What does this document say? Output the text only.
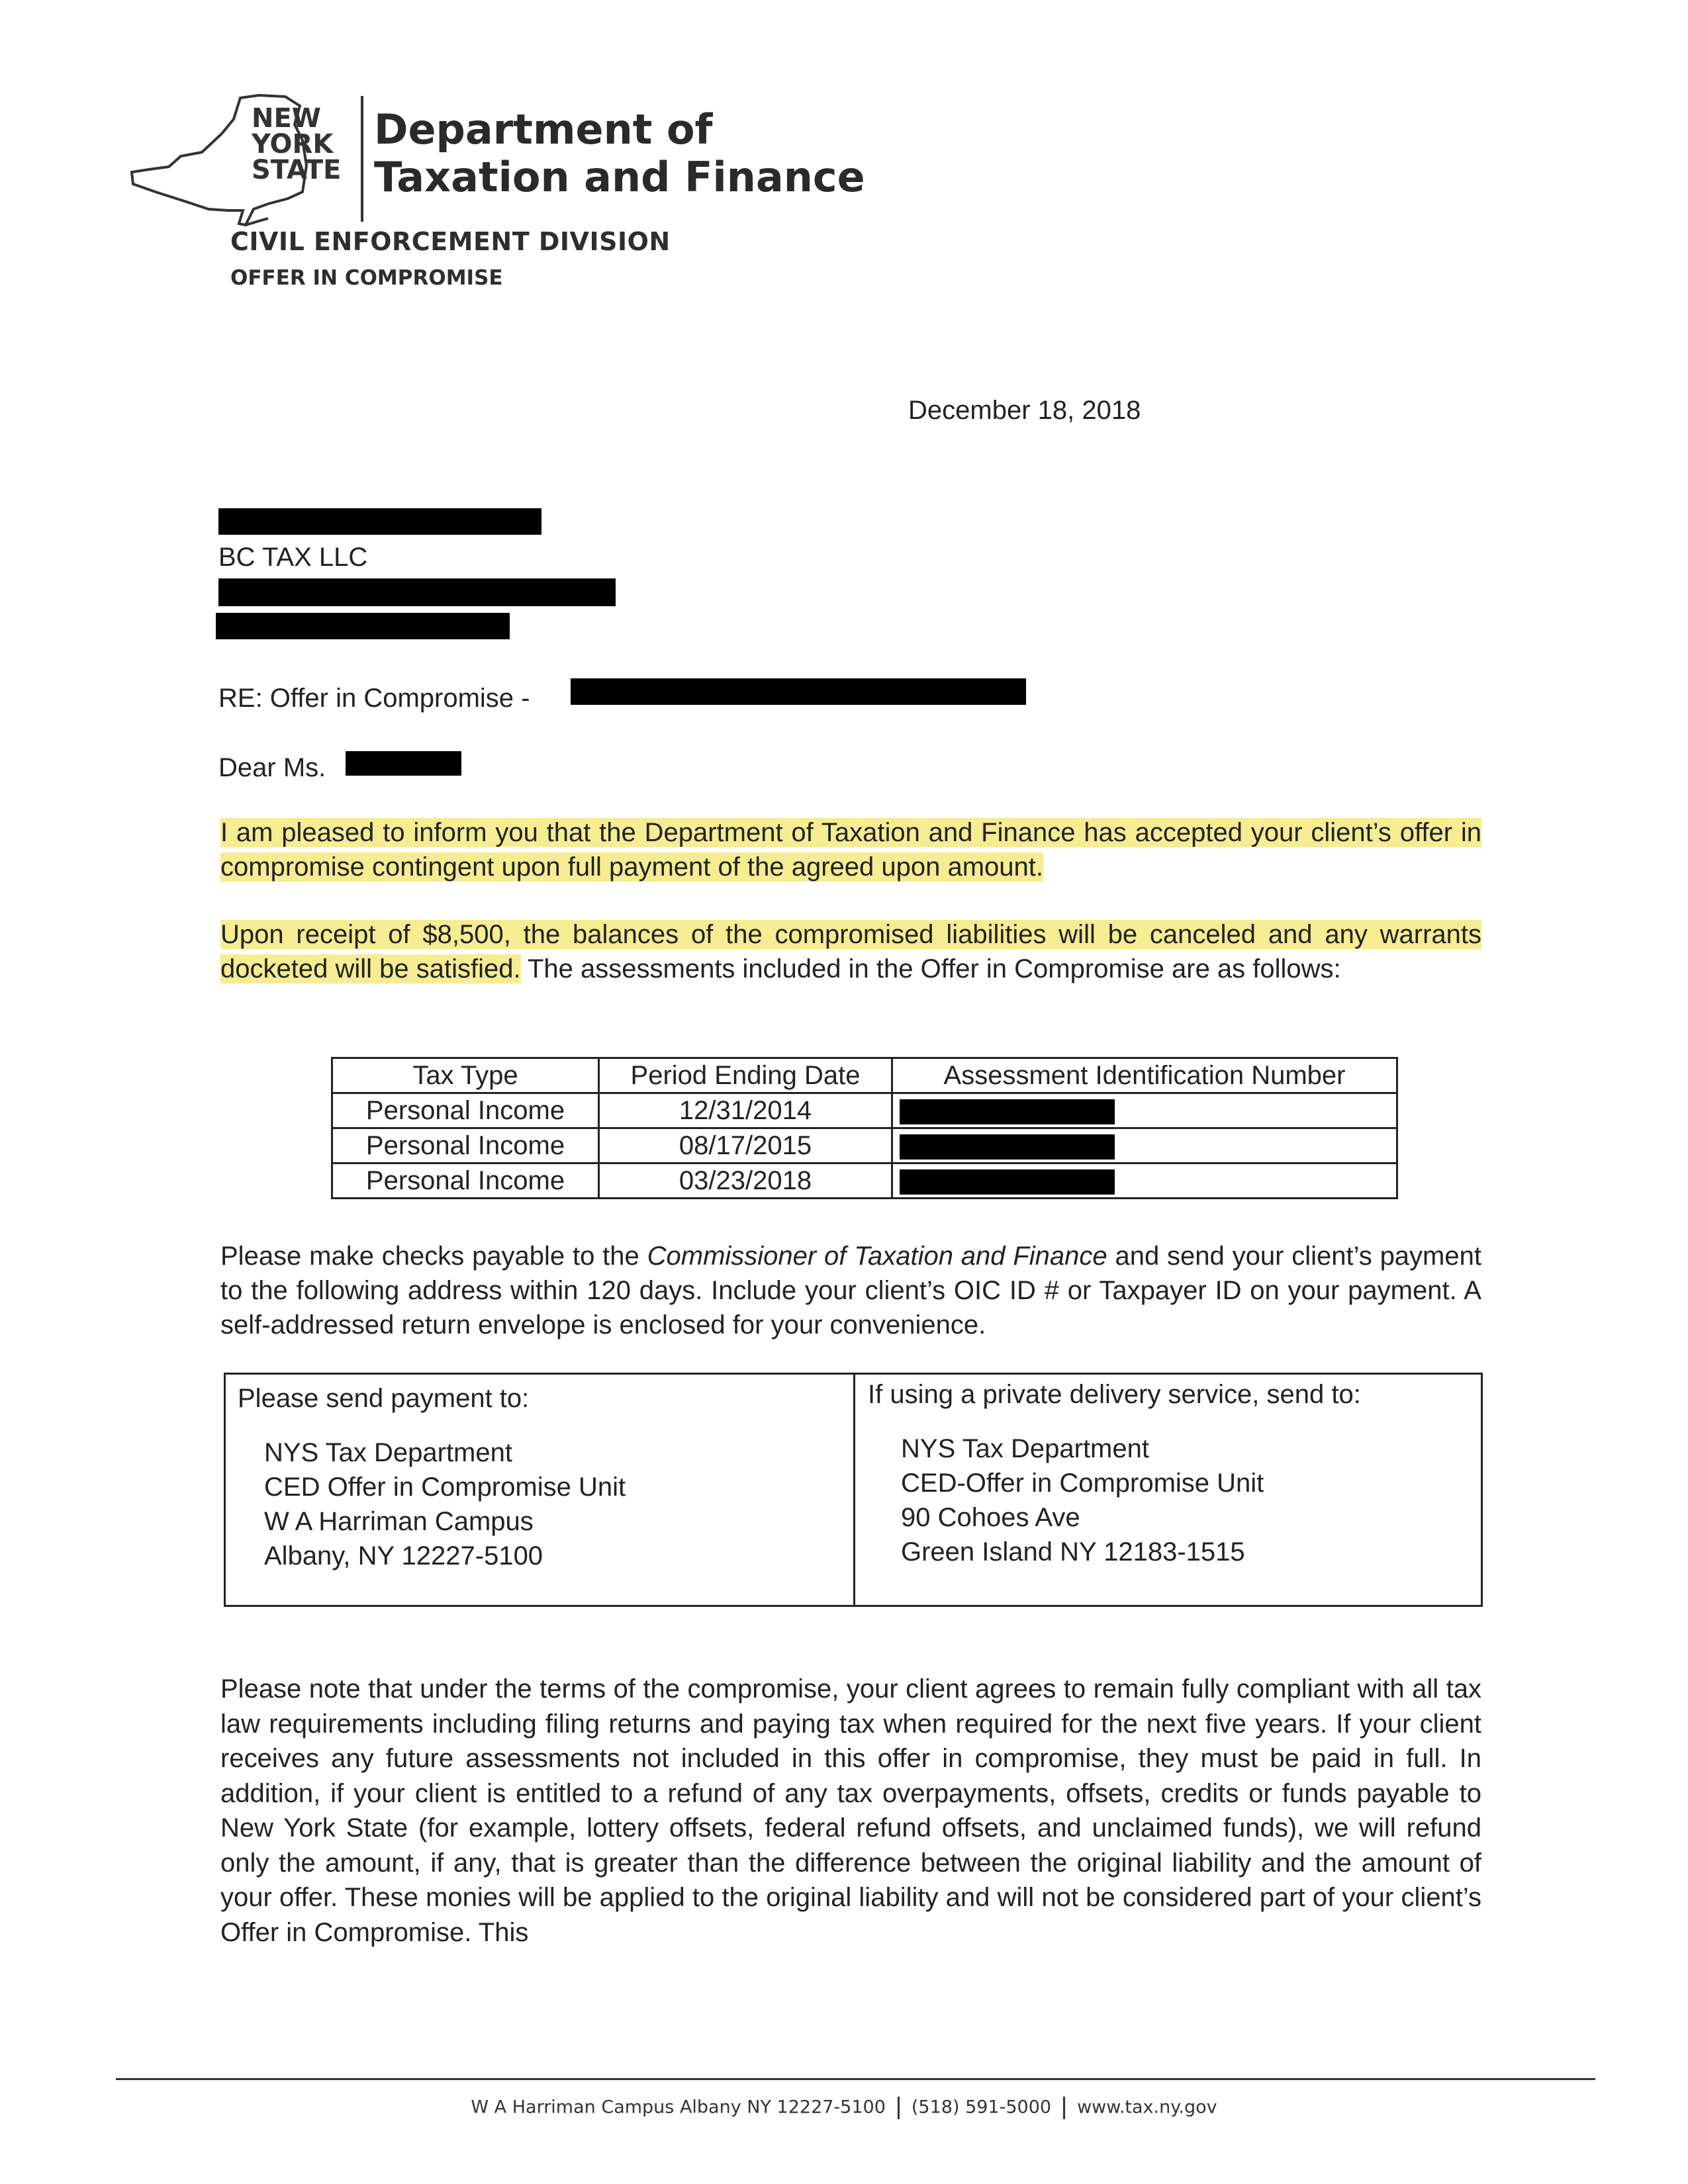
NEW
YORK
STATE
Department of
Taxation and Finance
CIVIL ENFORCEMENT DIVISION
OFFER IN COMPROMISE
December 18, 2018
BC TAX LLC
RE: Offer in Compromise -
Dear Ms.
I am pleased to inform you that the Department of Taxation and Finance has accepted your client’s offer in compromise contingent upon full payment of the agreed upon amount.
Upon receipt of $8,500, the balances of the compromised liabilities will be canceled and any warrants docketed will be satisfied. The assessments included in the Offer in Compromise are as follows:
Tax Type	Period Ending Date	Assessment Identification Number
Personal Income	12/31/2014	
Personal Income	08/17/2015	
Personal Income	03/23/2018	
Please make checks payable to the Commissioner of Taxation and Finance and send your client’s payment to the following address within 120 days. Include your client’s OIC ID # or Taxpayer ID on your payment. A self-addressed return envelope is enclosed for your convenience.
Please send payment to:
NYS Tax Department
CED Offer in Compromise Unit
W A Harriman Campus
Albany, NY 12227-5100
If using a private delivery service, send to:
NYS Tax Department
CED-Offer in Compromise Unit
90 Cohoes Ave
Green Island NY 12183-1515
Please note that under the terms of the compromise, your client agrees to remain fully compliant with all tax law requirements including filing returns and paying tax when required for the next five years. If your client receives any future assessments not included in this offer in compromise, they must be paid in full. In addition, if your client is entitled to a refund of any tax overpayments, offsets, credits or funds payable to New York State (for example, lottery offsets, federal refund offsets, and unclaimed funds), we will refund only the amount, if any, that is greater than the difference between the original liability and the amount of your offer. These monies will be applied to the original liability and will not be considered part of your client’s Offer in Compromise. This
W A Harriman Campus Albany NY 12227-5100 (518) 591-5000 www.tax.ny.gov
